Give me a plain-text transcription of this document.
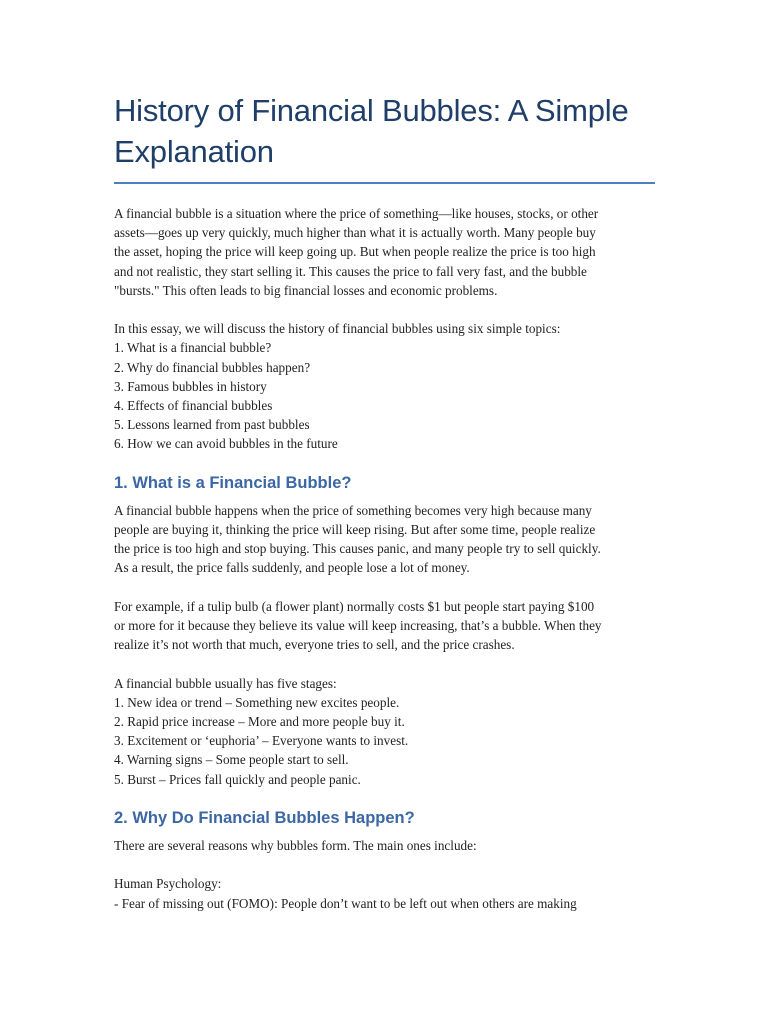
History of Financial Bubbles: A Simple Explanation
A financial bubble is a situation where the price of something—like houses, stocks, or other
assets—goes up very quickly, much higher than what it is actually worth. Many people buy
the asset, hoping the price will keep going up. But when people realize the price is too high
and not realistic, they start selling it. This causes the price to fall very fast, and the bubble
"bursts." This often leads to big financial losses and economic problems.
In this essay, we will discuss the history of financial bubbles using six simple topics:
1. What is a financial bubble?
2. Why do financial bubbles happen?
3. Famous bubbles in history
4. Effects of financial bubbles
5. Lessons learned from past bubbles
6. How we can avoid bubbles in the future
1. What is a Financial Bubble?
A financial bubble happens when the price of something becomes very high because many
people are buying it, thinking the price will keep rising. But after some time, people realize
the price is too high and stop buying. This causes panic, and many people try to sell quickly.
As a result, the price falls suddenly, and people lose a lot of money.
For example, if a tulip bulb (a flower plant) normally costs $1 but people start paying $100
or more for it because they believe its value will keep increasing, that’s a bubble. When they
realize it’s not worth that much, everyone tries to sell, and the price crashes.
A financial bubble usually has five stages:
1. New idea or trend – Something new excites people.
2. Rapid price increase – More and more people buy it.
3. Excitement or ‘euphoria’ – Everyone wants to invest.
4. Warning signs – Some people start to sell.
5. Burst – Prices fall quickly and people panic.
2. Why Do Financial Bubbles Happen?
There are several reasons why bubbles form. The main ones include:
Human Psychology:
- Fear of missing out (FOMO): People don’t want to be left out when others are making
